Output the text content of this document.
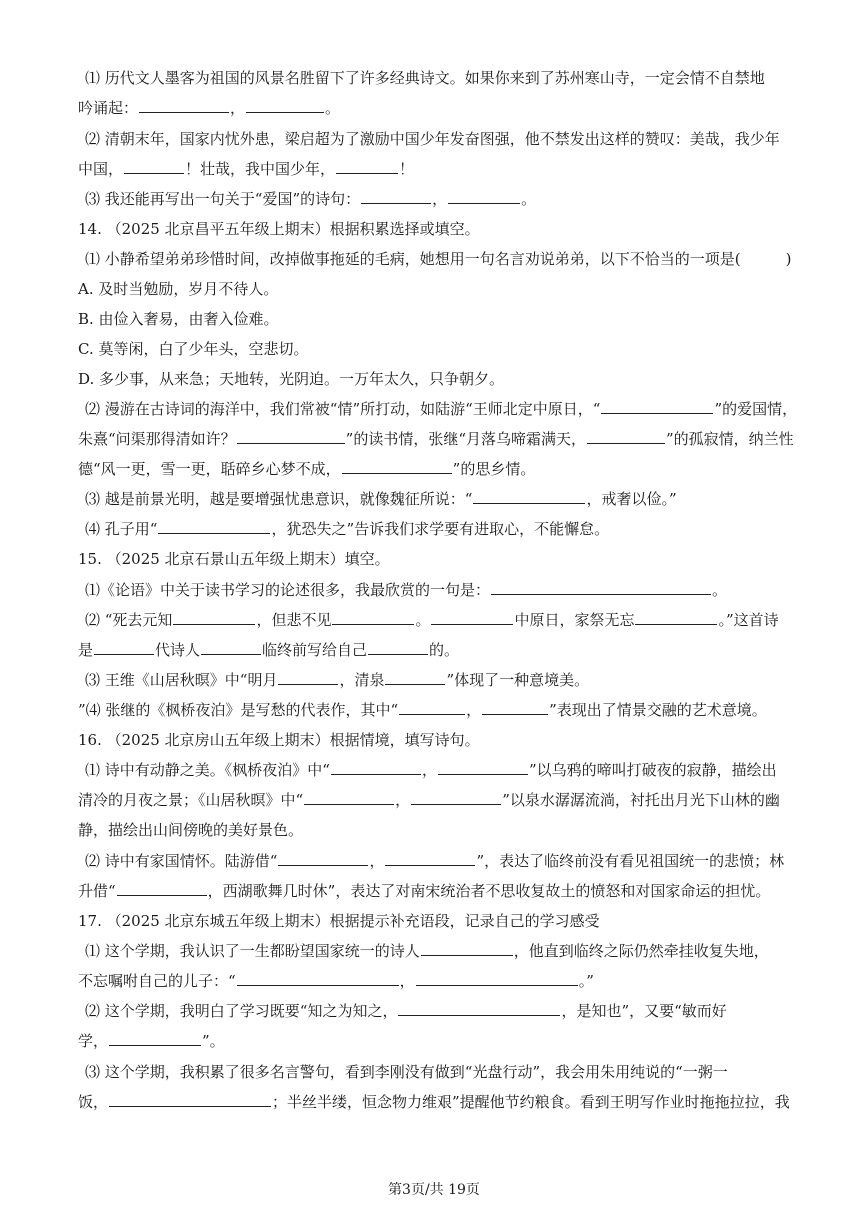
⑴ 历代文人墨客为祖国的风景名胜留下了许多经典诗文。如果你来到了苏州寒山寺，一定会情不自禁地
吟诵起：	，	。
⑵ 清朝末年，国家内忧外患，梁启超为了激励中国少年发奋图强，他不禁发出这样的赞叹：美哉，我少年
中国，	！壮哉，我中国少年，	！
⑶ 我还能再写出一句关于“爱国”的诗句：	，	。
14. （2025 北京昌平五年级上期末）根据积累选择或填空。
⑴ 小静希望弟弟珍惜时间，改掉做事拖延的毛病，她想用一句名言劝说弟弟，以下不恰当的一项是(　　　)
A. 及时当勉励，岁月不待人。
B. 由俭入奢易，由奢入俭难。
C. 莫等闲，白了少年头，空悲切。
D. 多少事，从来急；天地转，光阴迫。一万年太久，只争朝夕。
⑵ 漫游在古诗词的海洋中，我们常被“情”所打动，如陆游“王师北定中原日，“	”的爱国情，
朱熹“问渠那得清如许？	”的读书情，张继“月落乌啼霜满天，	”的孤寂情，纳兰性
德“风一更，雪一更，聒碎乡心梦不成，	”的思乡情。
⑶ 越是前景光明，越是要增强忧患意识，就像魏征所说：“	，戒奢以俭。”
⑷ 孔子用“	，犹恐失之”告诉我们求学要有进取心，不能懈怠。
15. （2025 北京石景山五年级上期末）填空。
⑴《论语》中关于读书学习的论述很多，我最欣赏的一句是：	。
⑵ “死去元知	，但悲不见	。	中原日，家祭无忘	。”这首诗
是	代诗人	临终前写给自己	的。
⑶ 王维《山居秋暝》中“明月	，清泉	”体现了一种意境美。
”⑷ 张继的《枫桥夜泊》是写愁的代表作，其中“	，	”表现出了情景交融的艺术意境。
16. （2025 北京房山五年级上期末）根据情境，填写诗句。
⑴ 诗中有动静之美。《枫桥夜泊》中“	，	”以乌鸦的啼叫打破夜的寂静，描绘出
清冷的月夜之景；《山居秋暝》中“	，	”以泉水潺潺流淌，衬托出月光下山林的幽
静，描绘出山间傍晚的美好景色。
⑵ 诗中有家国情怀。陆游借“	，	”，表达了临终前没有看见祖国统一的悲愤；林
升借“	，西湖歌舞几时休”，表达了对南宋统治者不思收复故土的愤怒和对国家命运的担忧。
17. （2025 北京东城五年级上期末）根据提示补充语段，记录自己的学习感受
⑴ 这个学期，我认识了一生都盼望国家统一的诗人	，他直到临终之际仍然牵挂收复失地，
不忘嘱咐自己的儿子：“	，	。”
⑵ 这个学期，我明白了学习既要“知之为知之，	，是知也”，又要“敏而好
学，	”。
⑶ 这个学期，我积累了很多名言警句，看到李刚没有做到“光盘行动”，我会用朱用纯说的“一粥一
饭，	；半丝半缕，恒念物力维艰”提醒他节约粮食。看到王明写作业时拖拖拉拉，我
第3页/共 19页
